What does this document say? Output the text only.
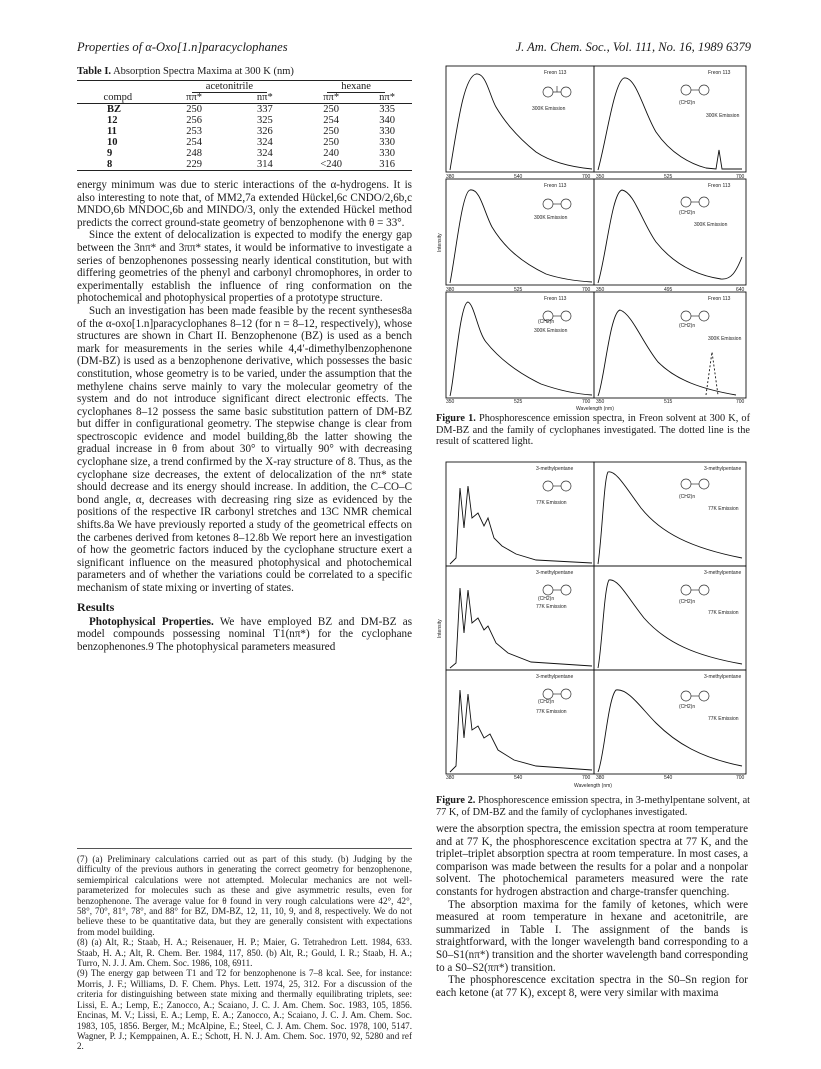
Properties of α-Oxo[1.n]paracyclophanes	J. Am. Chem. Soc., Vol. 111, No. 16, 1989 6379
Table I. Absorption Spectra Maxima at 300 K (nm)
	acetonitrile		hexane	
compd	ππ*	nπ*	ππ*	nπ*
BZ	250	337	250	335
12	256	325	254	340
11	253	326	250	330
10	254	324	250	330
9	248	324	240	330
8	229	314	<240	316

energy minimum was due to steric interactions of the α-hydrogens. It is also interesting to note that, of MM2,7a extended Hückel,6c CNDO/2,6b,c MNDO,6b MNDOC,6b and MINDO/3, only the extended Hückel method predicts the correct ground-state geometry of benzophenone with θ = 33°.

Since the extent of delocalization is expected to modify the energy gap between the 3nπ* and 3ππ* states, it would be informative to investigate a series of benzophenones possessing nearly identical constitution, but with differing geometries of the phenyl and carbonyl chromophores, in order to experimentally establish the influence of ring conformation on the photochemical and photophysical properties of a prototype structure.

Such an investigation has been made feasible by the recent syntheses8a of the α-oxo[1.n]paracyclophanes 8–12 (for n = 8–12, respectively), whose structures are shown in Chart II. Benzophenone (BZ) is used as a bench mark for measurements in the series while 4,4′-dimethylbenzophenone (DM-BZ) is used as a benzophenone derivative, which possesses the basic constitution, whose geometry is to be varied, under the assumption that the methylene chains serve mainly to vary the molecular geometry of the system and do not introduce significant direct electronic effects. The cyclophanes 8–12 possess the same basic substitution pattern of DM-BZ but differ in configurational geometry. The stepwise change is clear from spectroscopic evidence and model building,8b the latter showing the gradual increase in θ from about 30° to virtually 90° with decreasing cyclophane size, a trend confirmed by the X-ray structure of 8. Thus, as the cyclophane size decreases, the extent of delocalization of the nπ* state should decrease and its energy should increase. In addition, the C–CO–C bond angle, α, decreases with decreasing ring size as evidenced by the positions of the respective IR carbonyl stretches and 13C NMR chemical shifts.8a We have previously reported a study of the geometrical effects on the carbenes derived from ketones 8–12.8b We report here an investigation of how the geometric factors induced by the cyclophane structure exert a significant influence on the measured photophysical and photochemical parameters and of whether the variations could be correlated to a specific mechanism of state mixing or inverting of states.

Results

Photophysical Properties. We have employed BZ and DM-BZ as model compounds possessing nominal T1(nπ*) for the cyclophane benzophenones.9 The photophysical parameters measured

(7) (a) Preliminary calculations carried out as part of this study. (b) Judging by the difficulty of the previous authors in generating the correct geometry for benzophenone, semiempirical calculations were not attempted. Molecular mechanics are not well-parameterized for molecules such as these and give asymmetric results, even for benzophenone. The average value for θ found in very rough calculations were 42°, 42°, 58°, 70°, 81°, 78°, and 88° for BZ, DM-BZ, 12, 11, 10, 9, and 8, respectively. We do not believe these to be quantitative data, but they are generally consistent with expectations from model building.

(8) (a) Alt, R.; Staab, H. A.; Reisenauer, H. P.; Maier, G. Tetrahedron Lett. 1984, 633. Staab, H. A.; Alt, R. Chem. Ber. 1984, 117, 850. (b) Alt, R.; Gould, I. R.; Staab, H. A.; Turro, N. J. J. Am. Chem. Soc. 1986, 108, 6911.

(9) The energy gap between T1 and T2 for benzophenone is 7–8 kcal. See, for instance: Morris, J. F.; Williams, D. F. Chem. Phys. Lett. 1974, 25, 312. For a discussion of the criteria for distinguishing between state mixing and thermally equilibrating triplets, see: Lissi, E. A.; Lemp, E.; Zanocco, A.; Scaiano, J. C. J. Am. Chem. Soc. 1983, 105, 1856. Encinas, M. V.; Lissi, E. A.; Lemp, E. A.; Zanocco, A.; Scaiano, J. C. J. Am. Chem. Soc. 1983, 105, 1856. Berger, M.; McAlpine, E.; Steel, C. J. Am. Chem. Soc. 1978, 100, 5147. Wagner, P. J.; Kemppainen, A. E.; Schott, H. N. J. Am. Chem. Soc. 1970, 92, 5280 and ref 2.

Freon 113	Freon 113
Freon 113	Freon 113
Freon 113	Freon 113
300K Emission
300K Emission
300K Emission
300K Emission
300K Emission
300K Emission
(CH2)n
(CH2)n
(CH2)n
(CH2)n
380	540	700 350	525	700
380	525	700 350	495	640
350	525	700 350	515	700
Intensity
Wavelength (nm)
Figure 1. Phosphorescence emission spectra, in Freon solvent at 300 K, of DM-BZ and the family of cyclophanes investigated. The dotted line is the result of scattered light.
3-methylpentane	3-methylpentane
3-methylpentane	3-methylpentane
3-methylpentane	3-methylpentane
77K Emission
77K Emission
77K Emission
77K Emission
77K Emission
77K Emission
(CH2)n
(CH2)n	(CH2)n
(CH2)n
(CH2)n
380	540	700 380	540	700
Intensity
Wavelength (nm)
Figure 2. Phosphorescence emission spectra, in 3-methylpentane solvent, at 77 K, of DM-BZ and the family of cyclophanes investigated.

were the absorption spectra, the emission spectra at room temperature and at 77 K, the phosphorescence excitation spectra at 77 K, and the triplet–triplet absorption spectra at room temperature. In most cases, a comparison was made between the results for a polar and a nonpolar solvent. The photochemical parameters measured were the rate constants for hydrogen abstraction and charge-transfer quenching.

The absorption maxima for the family of ketones, which were measured at room temperature in hexane and acetonitrile, are summarized in Table I. The assignment of the bands is straightforward, with the longer wavelength band corresponding to a S0–S1(nπ*) transition and the shorter wavelength band corresponding to a S0–S2(ππ*) transition.

The phosphorescence excitation spectra in the S0–Sn region for each ketone (at 77 K), except 8, were very similar with maxima
